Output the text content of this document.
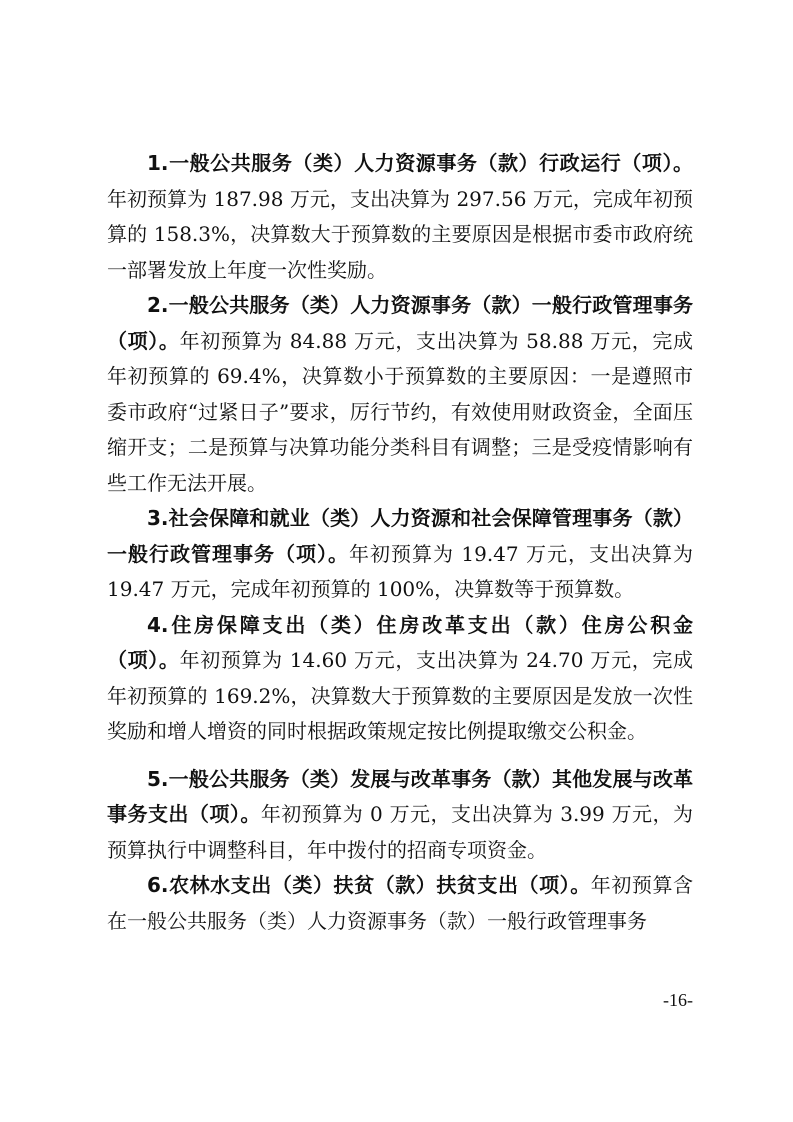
1.一般公共服务（类）人力资源事务（款）行政运行（项）。年初预算为 187.98 万元，支出决算为 297.56 万元，完成年初预算的 158.3%，决算数大于预算数的主要原因是根据市委市政府统一部署发放上年度一次性奖励。

2.一般公共服务（类）人力资源事务（款）一般行政管理事务（项）。年初预算为 84.88 万元，支出决算为 58.88 万元，完成年初预算的 69.4%，决算数小于预算数的主要原因：一是遵照市委市政府“过紧日子”要求，厉行节约，有效使用财政资金，全面压缩开支；二是预算与决算功能分类科目有调整；三是受疫情影响有些工作无法开展。

3.社会保障和就业（类）人力资源和社会保障管理事务（款）一般行政管理事务（项）。年初预算为 19.47 万元，支出决算为 19.47 万元，完成年初预算的 100%，决算数等于预算数。

4.住房保障支出（类）住房改革支出（款）住房公积金（项）。年初预算为 14.60 万元，支出决算为 24.70 万元，完成年初预算的 169.2%，决算数大于预算数的主要原因是发放一次性奖励和增人增资的同时根据政策规定按比例提取缴交公积金。

5.一般公共服务（类）发展与改革事务（款）其他发展与改革事务支出（项）。年初预算为 0 万元，支出决算为 3.99 万元，为预算执行中调整科目，年中拨付的招商专项资金。

6.农林水支出（类）扶贫（款）扶贫支出（项）。年初预算含在一般公共服务（类）人力资源事务（款）一般行政管理事务

-16-
